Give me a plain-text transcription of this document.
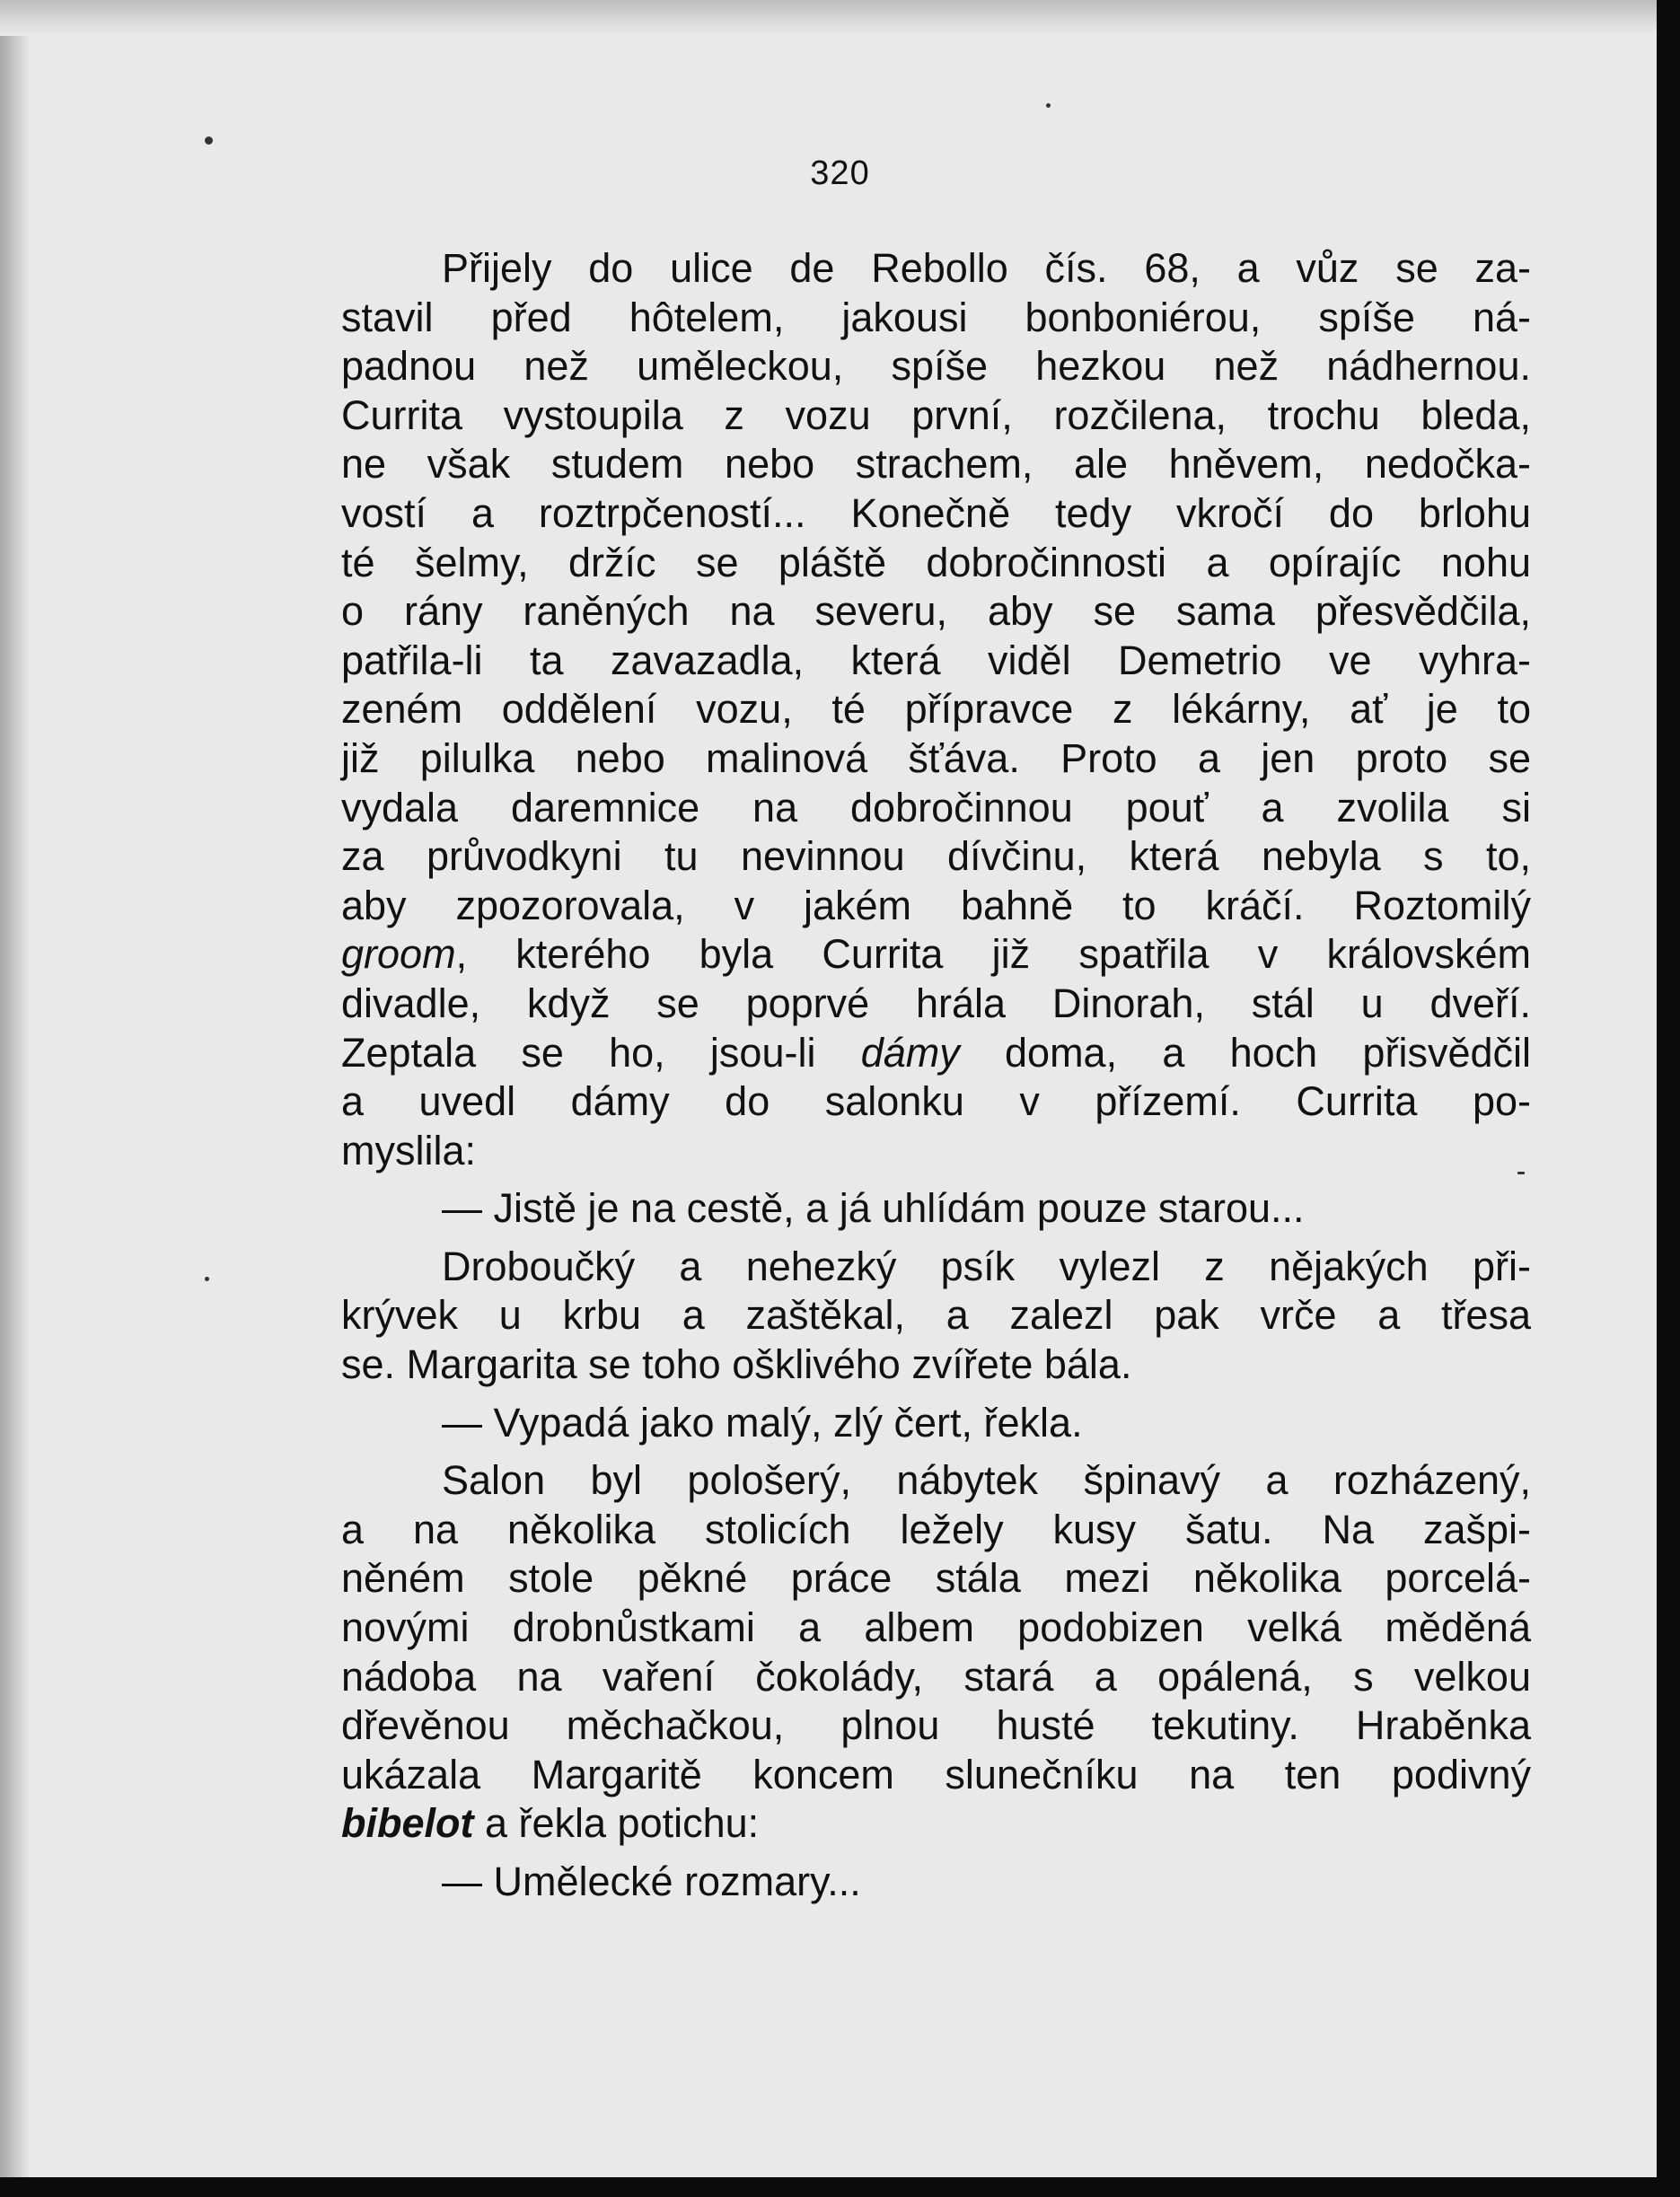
320
Přijely do ulice de Rebollo čís. 68, a vůz se za-
stavil před hôtelem, jakousi bonboniérou, spíše ná-
padnou než uměleckou, spíše hezkou než nádhernou.
Currita vystoupila z vozu první, rozčilena, trochu bleda,
ne však studem nebo strachem, ale hněvem, nedočka-
vostí a roztrpčeností... Konečně tedy vkročí do brlohu
té šelmy, držíc se pláště dobročinnosti a opírajíc nohu
o rány raněných na severu, aby se sama přesvědčila,
patřila-li ta zavazadla, která viděl Demetrio ve vyhra-
zeném oddělení vozu, té přípravce z lékárny, ať je to
již pilulka nebo malinová šťáva. Proto a jen proto se
vydala daremnice na dobročinnou pouť a zvolila si
za průvodkyni tu nevinnou dívčinu, která nebyla s to,
aby zpozorovala, v jakém bahně to kráčí. Roztomilý
groom, kterého byla Currita již spatřila v královském
divadle, když se poprvé hrála Dinorah, stál u dveří.
Zeptala se ho, jsou-li dámy doma, a hoch přisvědčil
a uvedl dámy do salonku v přízemí. Currita po-
myslila:
— Jistě je na cestě, a já uhlídám pouze starou...
Droboučký a nehezký psík vylezl z nějakých při-
krývek u krbu a zaštěkal, a zalezl pak vrče a třesa
se. Margarita se toho ošklivého zvířete bála.
— Vypadá jako malý, zlý čert, řekla.
Salon byl pološerý, nábytek špinavý a rozházený,
a na několika stolicích ležely kusy šatu. Na zašpi-
něném stole pěkné práce stála mezi několika porcelá-
novými drobnůstkami a albem podobizen velká měděná
nádoba na vaření čokolády, stará a opálená, s velkou
dřevěnou měchačkou, plnou husté tekutiny. Hraběnka
ukázala Margaritě koncem slunečníku na ten podivný
bibelot a řekla potichu:
— Umělecké rozmary...
